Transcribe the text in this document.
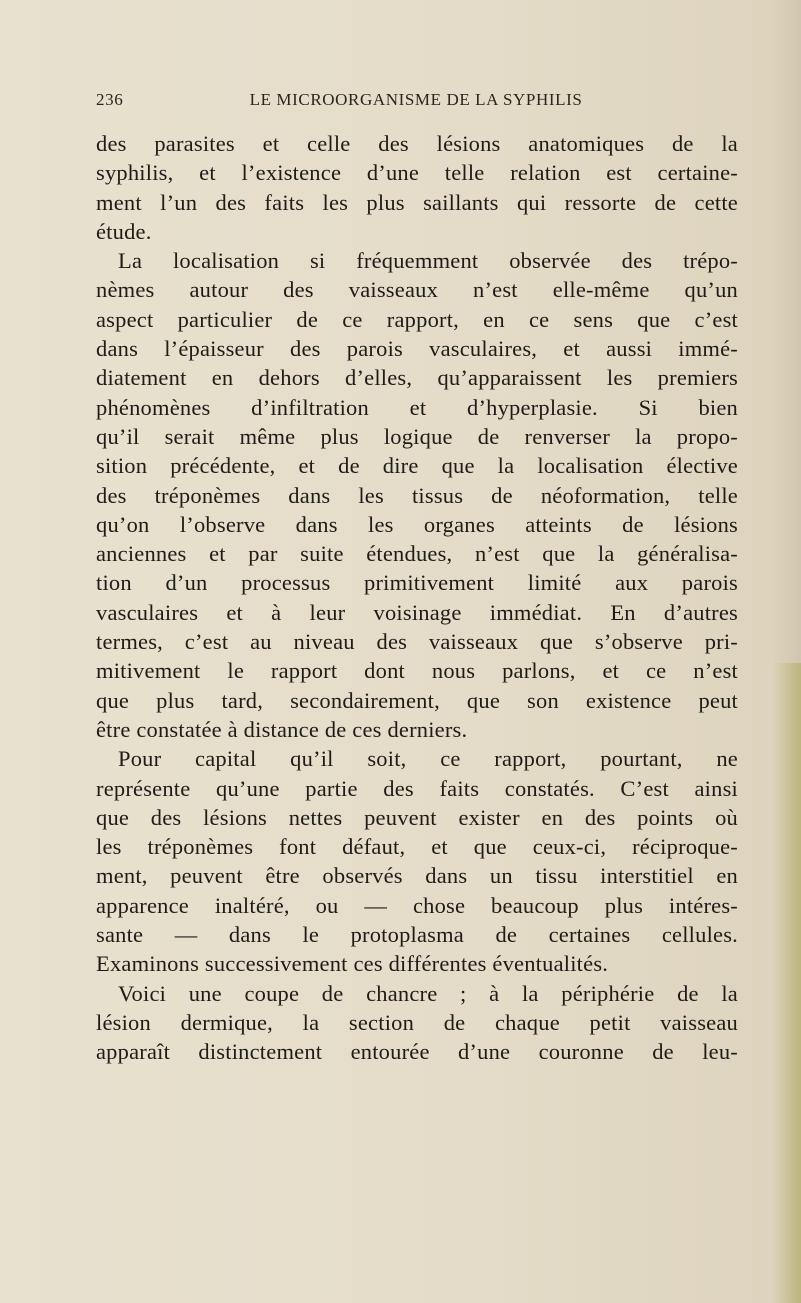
236	LE MICROORGANISME DE LA SYPHILIS
des parasites et celle des lésions anatomiques de la
syphilis, et l’existence d’une telle relation est certaine-
ment l’un des faits les plus saillants qui ressorte de cette
étude.
La localisation si fréquemment observée des trépo-
nèmes autour des vaisseaux n’est elle-même qu’un
aspect particulier de ce rapport, en ce sens que c’est
dans l’épaisseur des parois vasculaires, et aussi immé-
diatement en dehors d’elles, qu’apparaissent les premiers
phénomènes d’infiltration et d’hyperplasie. Si bien
qu’il serait même plus logique de renverser la propo-
sition précédente, et de dire que la localisation élective
des tréponèmes dans les tissus de néoformation, telle
qu’on l’observe dans les organes atteints de lésions
anciennes et par suite étendues, n’est que la généralisa-
tion d’un processus primitivement limité aux parois
vasculaires et à leur voisinage immédiat. En d’autres
termes, c’est au niveau des vaisseaux que s’observe pri-
mitivement le rapport dont nous parlons, et ce n’est
que plus tard, secondairement, que son existence peut
être constatée à distance de ces derniers.
Pour capital qu’il soit, ce rapport, pourtant, ne
représente qu’une partie des faits constatés. C’est ainsi
que des lésions nettes peuvent exister en des points où
les tréponèmes font défaut, et que ceux-ci, réciproque-
ment, peuvent être observés dans un tissu interstitiel en
apparence inaltéré, ou — chose beaucoup plus intéres-
sante — dans le protoplasma de certaines cellules.
Examinons successivement ces différentes éventualités.
Voici une coupe de chancre ; à la périphérie de la
lésion dermique, la section de chaque petit vaisseau
apparaît distinctement entourée d’une couronne de leu-
